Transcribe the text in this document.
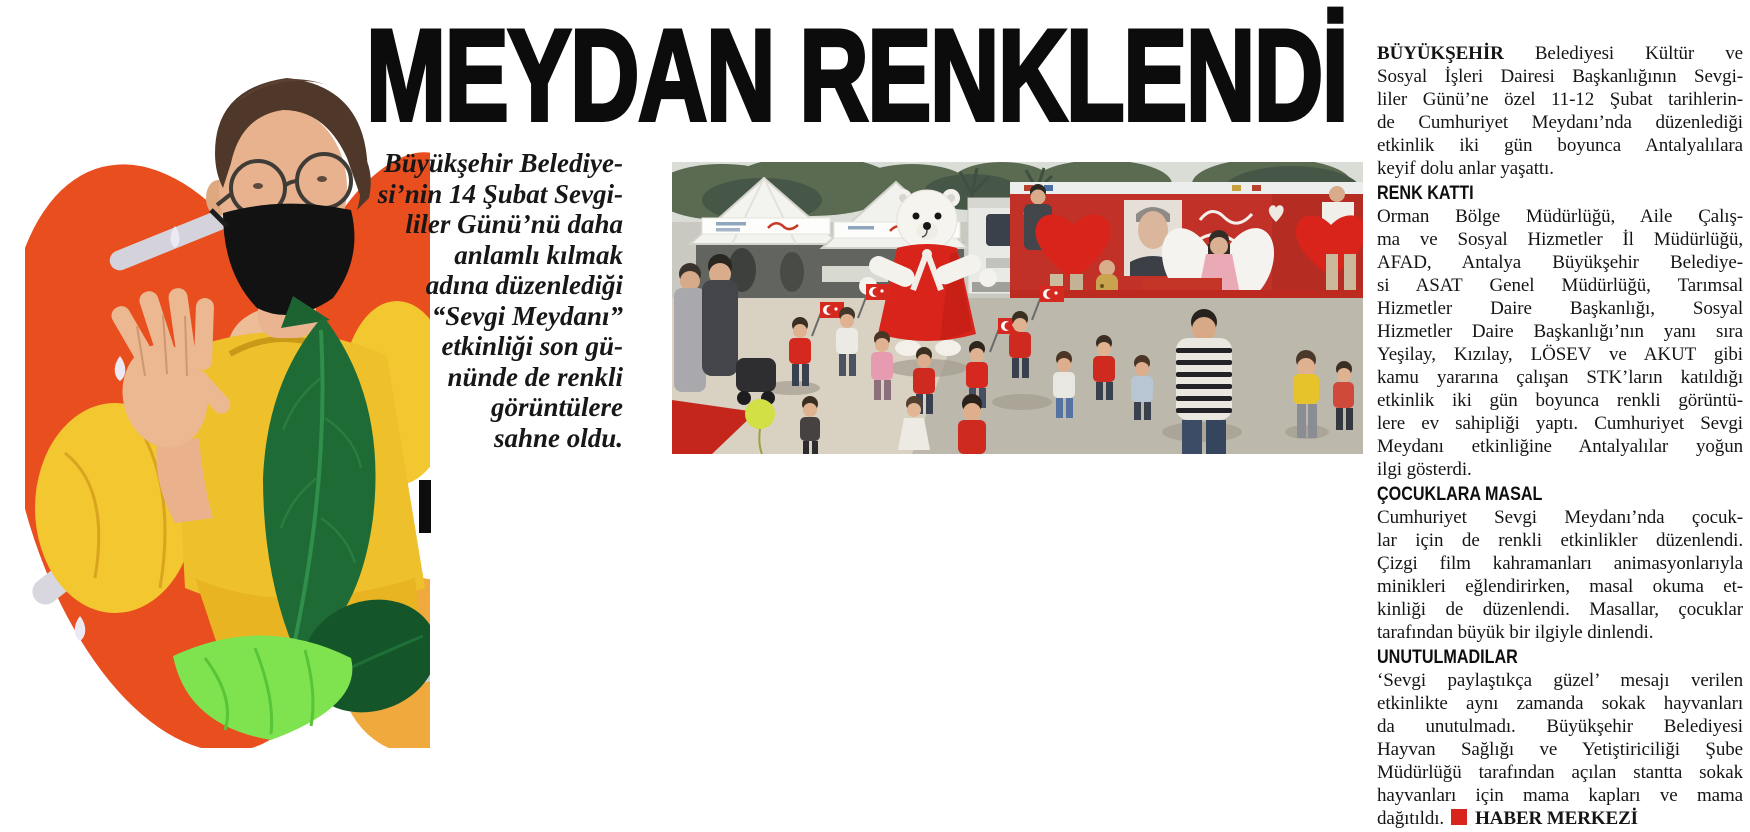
MEYDAN RENKLENDİ
Büyükşehir Belediye-
si’nin 14 Şubat Sevgi-
liler Günü’nü daha
anlamlı kılmak
adına düzenlediği
“Sevgi Meydanı”
etkinliği son gü-
nünde de renkli
görüntülere
sahne oldu.
BÜYÜKŞEHİR Belediyesi Kültür ve
Sosyal İşleri Dairesi Başkanlığının Sevgi-
liler Günü’ne özel 11-12 Şubat tarihlerin-
de Cumhuriyet Meydanı’nda düzenlediği
etkinlik iki gün boyunca Antalyalılara
keyif dolu anlar yaşattı.
RENK KATTI
Orman Bölge Müdürlüğü, Aile Çalış-
ma ve Sosyal Hizmetler İl Müdürlüğü,
AFAD, Antalya Büyükşehir Belediye-
si ASAT Genel Müdürlüğü, Tarımsal
Hizmetler Daire Başkanlığı, Sosyal
Hizmetler Daire Başkanlığı’nın yanı sıra
Yeşilay, Kızılay, LÖSEV ve AKUT gibi
kamu yararına çalışan STK’ların katıldığı
etkinlik iki gün boyunca renkli görüntü-
lere ev sahipliği yaptı. Cumhuriyet Sevgi
Meydanı etkinliğine Antalyalılar yoğun
ilgi gösterdi.
ÇOCUKLARA MASAL
Cumhuriyet Sevgi Meydanı’nda çocuk-
lar için de renkli etkinlikler düzenlendi.
Çizgi film kahramanları animasyonlarıyla
minikleri eğlendirirken, masal okuma et-
kinliği de düzenlendi. Masallar, çocuklar
tarafından büyük bir ilgiyle dinlendi.
UNUTULMADILAR
‘Sevgi paylaştıkça güzel’ mesajı verilen
etkinlikte aynı zamanda sokak hayvanları
da unutulmadı. Büyükşehir Belediyesi
Hayvan Sağlığı ve Yetiştiriciliği Şube
Müdürlüğü tarafından açılan stantta sokak
hayvanları için mama kapları ve mama
dağıtıldı. HABER MERKEZİ
